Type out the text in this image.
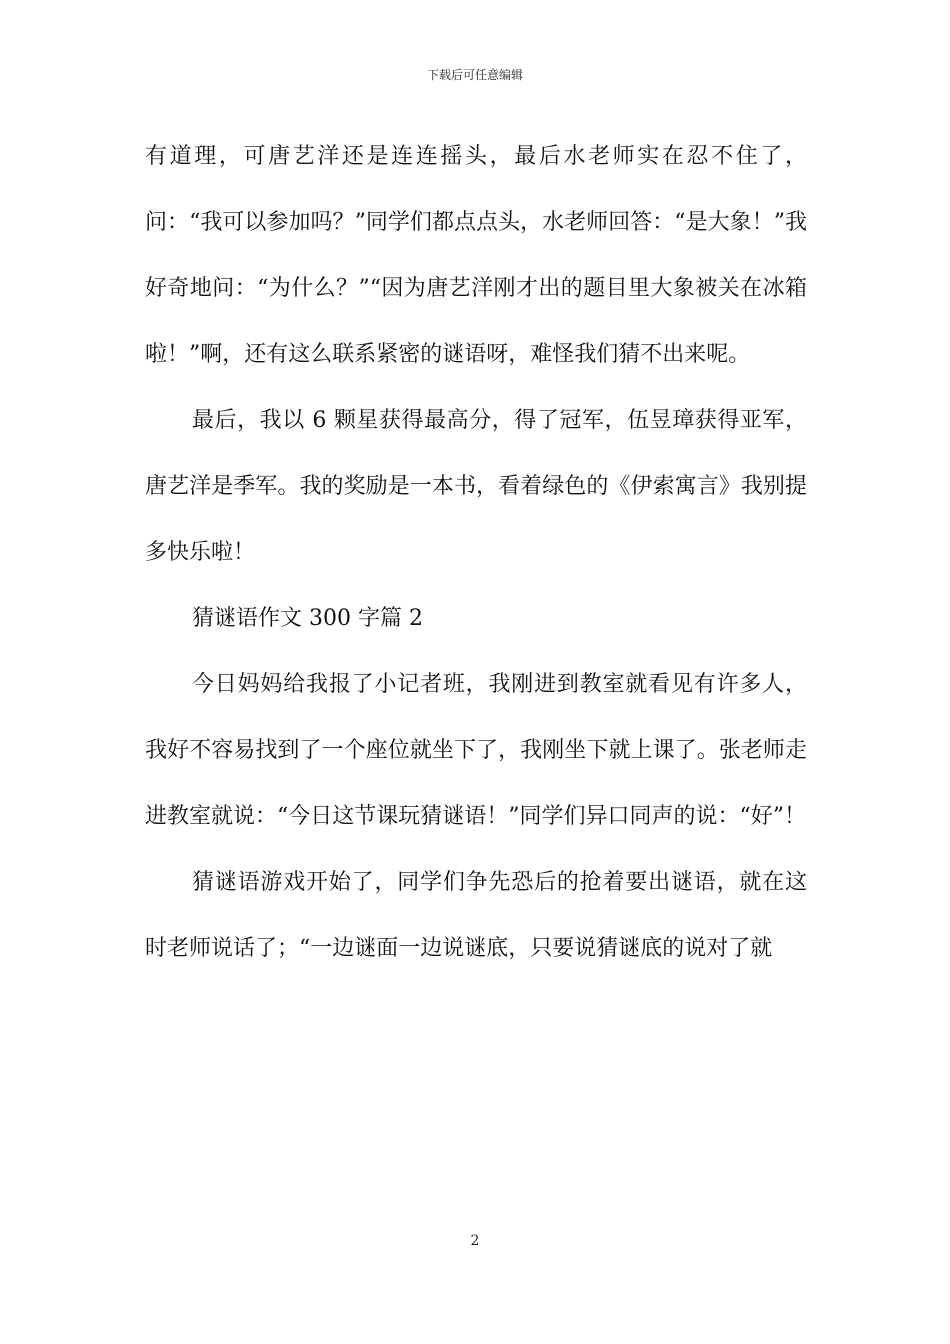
下载后可任意编辑

有道理，可唐艺洋还是连连摇头，最后水老师实在忍不住了，问：“我可以参加吗？”同学们都点点头，水老师回答：“是大象！”我好奇地问：“为什么？”“因为唐艺洋刚才出的题目里大象被关在冰箱啦！”啊，还有这么联系紧密的谜语呀，难怪我们猜不出来呢。

最后，我以 6 颗星获得最高分，得了冠军，伍昱璋获得亚军，唐艺洋是季军。我的奖励是一本书，看着绿色的《伊索寓言》我别提多快乐啦！

猜谜语作文 300 字篇 2

今日妈妈给我报了小记者班，我刚进到教室就看见有许多人，我好不容易找到了一个座位就坐下了，我刚坐下就上课了。张老师走进教室就说：“今日这节课玩猜谜语！”同学们异口同声的说：“好”！

猜谜语游戏开始了，同学们争先恐后的抢着要出谜语，就在这时老师说话了；“一边谜面一边说谜底，只要说猜谜底的说对了就

2
